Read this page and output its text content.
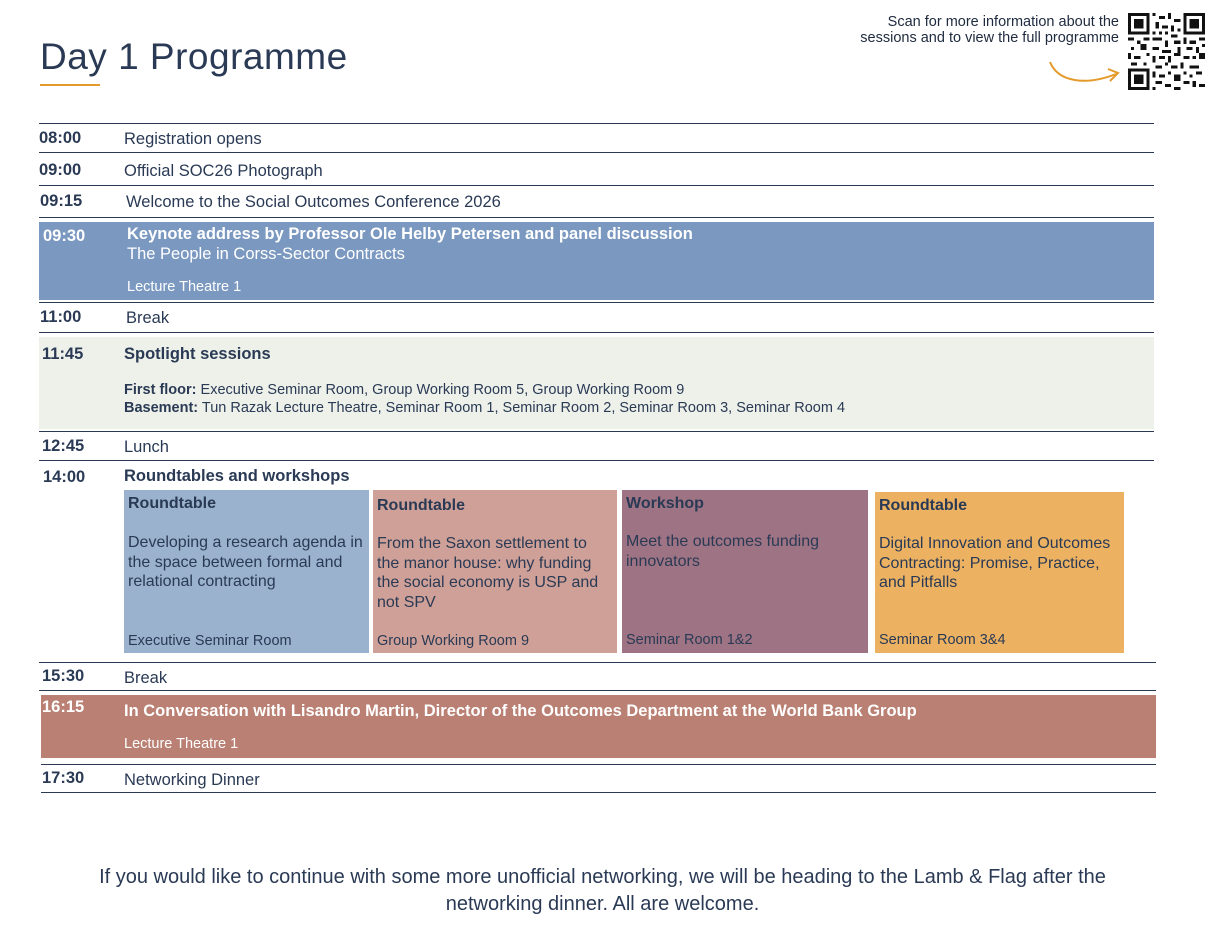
Day 1 Programme
Scan for more information about the
sessions and to view the full programme
08:00	Registration opens
09:00	Official SOC26 Photograph
09:15	Welcome to the Social Outcomes Conference 2026
09:30	Keynote address by Professor Ole Helby Petersen and panel discussion
The People in Corss-Sector Contracts
Lecture Theatre 1
11:00	Break
11:45 Spotlight sessions
First floor: Executive Seminar Room, Group Working Room 5, Group Working Room 9
Basement: Tun Razak Lecture Theatre, Seminar Room 1, Seminar Room 2, Seminar Room 3, Seminar Room 4
12:45 Lunch
14:00 Roundtables and workshops
Roundtable
Developing a research agenda in the space between formal and relational contracting
Executive Seminar Room
Roundtable
From the Saxon settlement to the manor house: why funding the social economy is USP and not SPV
Group Working Room 9
Workshop
Meet the outcomes funding innovators
Seminar Room 1&2
Roundtable
Digital Innovation and Outcomes Contracting: Promise, Practice, and Pitfalls
Seminar Room 3&4
15:30 Break
16:15 In Conversation with Lisandro Martin, Director of the Outcomes Department at the World Bank Group
Lecture Theatre 1
17:30 Networking Dinner
If you would like to continue with some more unofficial networking, we will be heading to the Lamb & Flag after the
networking dinner. All are welcome.
